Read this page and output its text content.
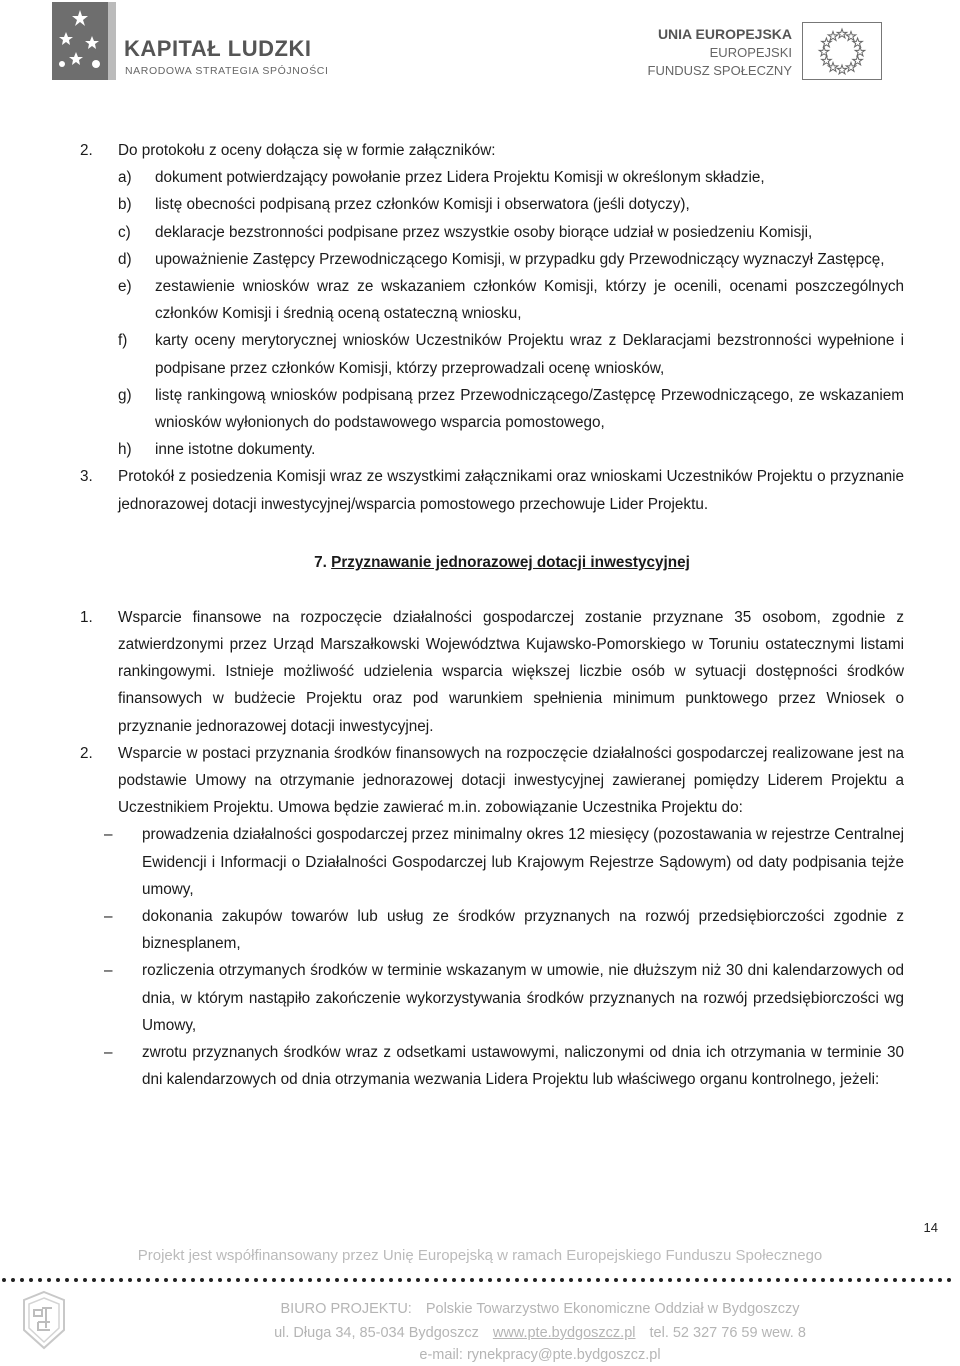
KAPITAŁ LUDZKI
NARODOWA STRATEGIA SPÓJNOŚCI
UNIA EUROPEJSKA
EUROPEJSKI
FUNDUSZ SPOŁECZNY
2. Do protokołu z oceny dołącza się w formie załączników:
a) dokument potwierdzający powołanie przez Lidera Projektu Komisji w określonym składzie,
b) listę obecności podpisaną przez członków Komisji i obserwatora (jeśli dotyczy),
c) deklaracje bezstronności podpisane przez wszystkie osoby biorące udział w posiedzeniu Komisji,
d) upoważnienie Zastępcy Przewodniczącego Komisji, w przypadku gdy Przewodniczący wyznaczył Zastępcę,
e) zestawienie wniosków wraz ze wskazaniem członków Komisji, którzy je ocenili, ocenami poszczególnych członków Komisji i średnią oceną ostateczną wniosku,
f) karty oceny merytorycznej wniosków Uczestników Projektu wraz z Deklaracjami bezstronności wypełnione i podpisane przez członków Komisji, którzy przeprowadzali ocenę wniosków,
g) listę rankingową wniosków podpisaną przez Przewodniczącego/Zastępcę Przewodniczącego, ze wskazaniem wniosków wyłonionych do podstawowego wsparcia pomostowego,
h) inne istotne dokumenty.
3. Protokół z posiedzenia Komisji wraz ze wszystkimi załącznikami oraz wnioskami Uczestników Projektu o przyznanie jednorazowej dotacji inwestycyjnej/wsparcia pomostowego przechowuje Lider Projektu.
7. Przyznawanie jednorazowej dotacji inwestycyjnej
1. Wsparcie finansowe na rozpoczęcie działalności gospodarczej zostanie przyznane 35 osobom, zgodnie z zatwierdzonymi przez Urząd Marszałkowski Województwa Kujawsko-Pomorskiego w Toruniu ostatecznymi listami rankingowymi. Istnieje możliwość udzielenia wsparcia większej liczbie osób w sytuacji dostępności środków finansowych w budżecie Projektu oraz pod warunkiem spełnienia minimum punktowego przez Wniosek o przyznanie jednorazowej dotacji inwestycyjnej.
2. Wsparcie w postaci przyznania środków finansowych na rozpoczęcie działalności gospodarczej realizowane jest na podstawie Umowy na otrzymanie jednorazowej dotacji inwestycyjnej zawieranej pomiędzy Liderem Projektu a Uczestnikiem Projektu. Umowa będzie zawierać m.in. zobowiązanie Uczestnika Projektu do:
– prowadzenia działalności gospodarczej przez minimalny okres 12 miesięcy (pozostawania w rejestrze Centralnej Ewidencji i Informacji o Działalności Gospodarczej lub Krajowym Rejestrze Sądowym) od daty podpisania tejże umowy,
– dokonania zakupów towarów lub usług ze środków przyznanych na rozwój przedsiębiorczości zgodnie z biznesplanem,
– rozliczenia otrzymanych środków w terminie wskazanym w umowie, nie dłuższym niż 30 dni kalendarzowych od dnia, w którym nastąpiło zakończenie wykorzystywania środków przyznanych na rozwój przedsiębiorczości wg Umowy,
– zwrotu przyznanych środków wraz z odsetkami ustawowymi, naliczonymi od dnia ich otrzymania w terminie 30 dni kalendarzowych od dnia otrzymania wezwania Lidera Projektu lub właściwego organu kontrolnego, jeżeli:
14
Projekt jest współfinansowany przez Unię Europejską w ramach Europejskiego Funduszu Społecznego
BIURO PROJEKTU: Polskie Towarzystwo Ekonomiczne Oddział w Bydgoszczy
ul. Długa 34, 85-034 Bydgoszcz www.pte.bydgoszcz.pl tel. 52 327 76 59 wew. 8
e-mail: rynekpracy@pte.bydgoszcz.pl
